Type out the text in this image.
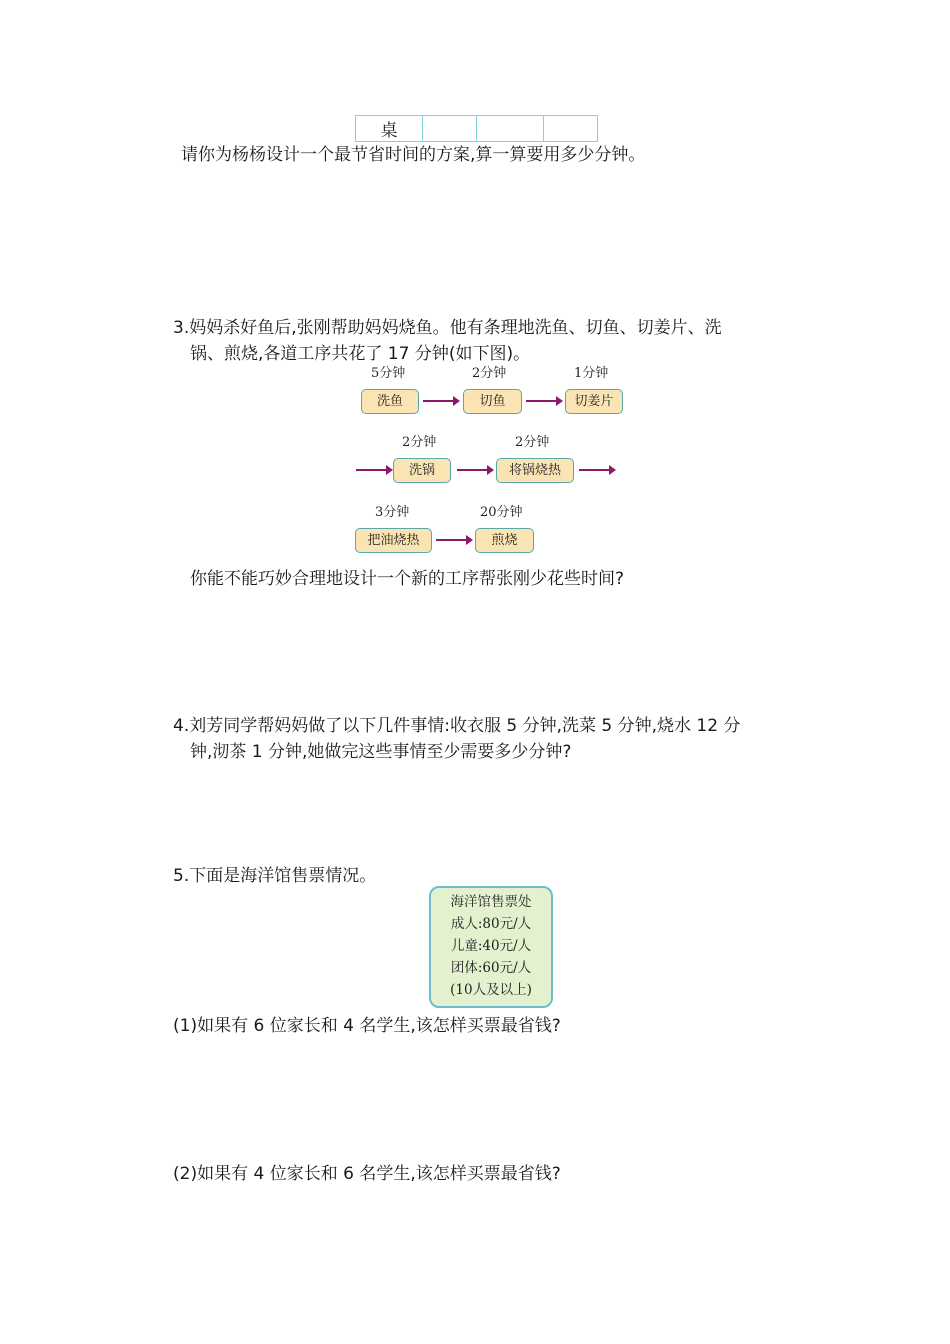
桌			
请你为杨杨设计一个最节省时间的方案,算一算要用多少分钟。
3.妈妈杀好鱼后,张刚帮助妈妈烧鱼。他有条理地洗鱼、切鱼、切姜片、洗
锅、煎烧,各道工序共花了 17 分钟(如下图)。
5分钟
洗鱼
2分钟
切鱼
1分钟
切姜片
2分钟
洗锅
2分钟
将锅烧热
3分钟
把油烧热
20分钟
煎烧
你能不能巧妙合理地设计一个新的工序帮张刚少花些时间?
4.刘芳同学帮妈妈做了以下几件事情:收衣服 5 分钟,洗菜 5 分钟,烧水 12 分
钟,沏茶 1 分钟,她做完这些事情至少需要多少分钟?
5.下面是海洋馆售票情况。
海洋馆售票处
成人:80元/人
儿童:40元/人
团体:60元/人
(10人及以上)
(1)如果有 6 位家长和 4 名学生,该怎样买票最省钱?
(2)如果有 4 位家长和 6 名学生,该怎样买票最省钱?
